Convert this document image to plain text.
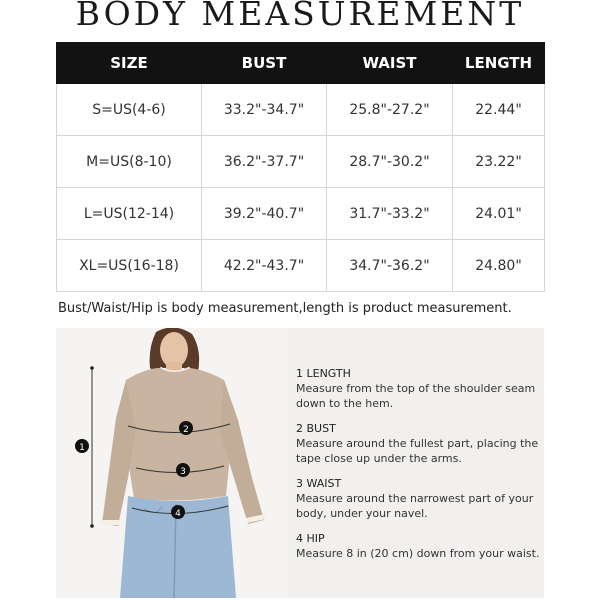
BODY MEASUREMENT
SIZE	BUST	WAIST	LENGTH
S=US(4-6)	33.2"-34.7"	25.8"-27.2"	22.44"
M=US(8-10)	36.2"-37.7"	28.7"-30.2"	23.22"
L=US(12-14)	39.2"-40.7"	31.7"-33.2"	24.01"
XL=US(16-18)	42.2"-43.7"	34.7"-36.2"	24.80"
Bust/Waist/Hip is body measurement,length is product measurement.
1
2
3
4
1 LENGTH
Measure from the top of the shoulder seam down to the hem.
2 BUST
Measure around the fullest part, placing the tape close up under the arms.
3 WAIST
Measure around the narrowest part of your body, under your navel.
4 HIP
Measure 8 in (20 cm) down from your waist.
